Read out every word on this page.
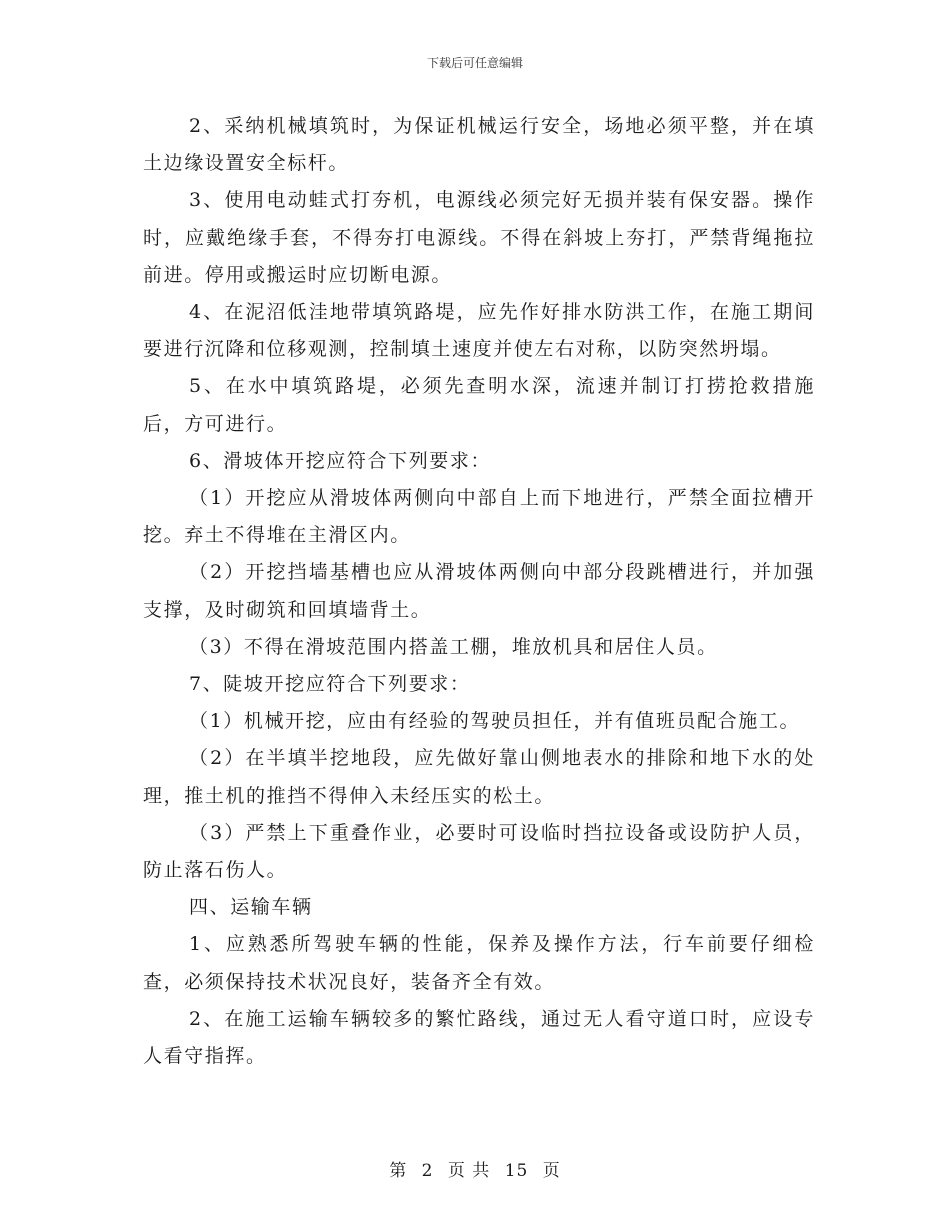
下载后可任意编辑

2、采纳机械填筑时，为保证机械运行安全，场地必须平整，并在填土边缘设置安全标杆。

3、使用电动蛙式打夯机，电源线必须完好无损并装有保安器。操作时，应戴绝缘手套，不得夯打电源线。不得在斜坡上夯打，严禁背绳拖拉前进。停用或搬运时应切断电源。

4、在泥沼低洼地带填筑路堤，应先作好排水防洪工作，在施工期间要进行沉降和位移观测，控制填土速度并使左右对称，以防突然坍塌。

5、在水中填筑路堤，必须先查明水深，流速并制订打捞抢救措施后，方可进行。

6、滑坡体开挖应符合下列要求：

（1）开挖应从滑坡体两侧向中部自上而下地进行，严禁全面拉槽开挖。弃土不得堆在主滑区内。

（2）开挖挡墙基槽也应从滑坡体两侧向中部分段跳槽进行，并加强支撑，及时砌筑和回填墙背土。

（3）不得在滑坡范围内搭盖工棚，堆放机具和居住人员。

7、陡坡开挖应符合下列要求：

（1）机械开挖，应由有经验的驾驶员担任，并有值班员配合施工。

（2）在半填半挖地段，应先做好靠山侧地表水的排除和地下水的处理，推土机的推挡不得伸入未经压实的松土。

（3）严禁上下重叠作业，必要时可设临时挡拉设备或设防护人员，防止落石伤人。

四、运输车辆

1、应熟悉所驾驶车辆的性能，保养及操作方法，行车前要仔细检查，必须保持技术状况良好，装备齐全有效。

2、在施工运输车辆较多的繁忙路线，通过无人看守道口时，应设专人看守指挥。

第 2 页 共 15 页
